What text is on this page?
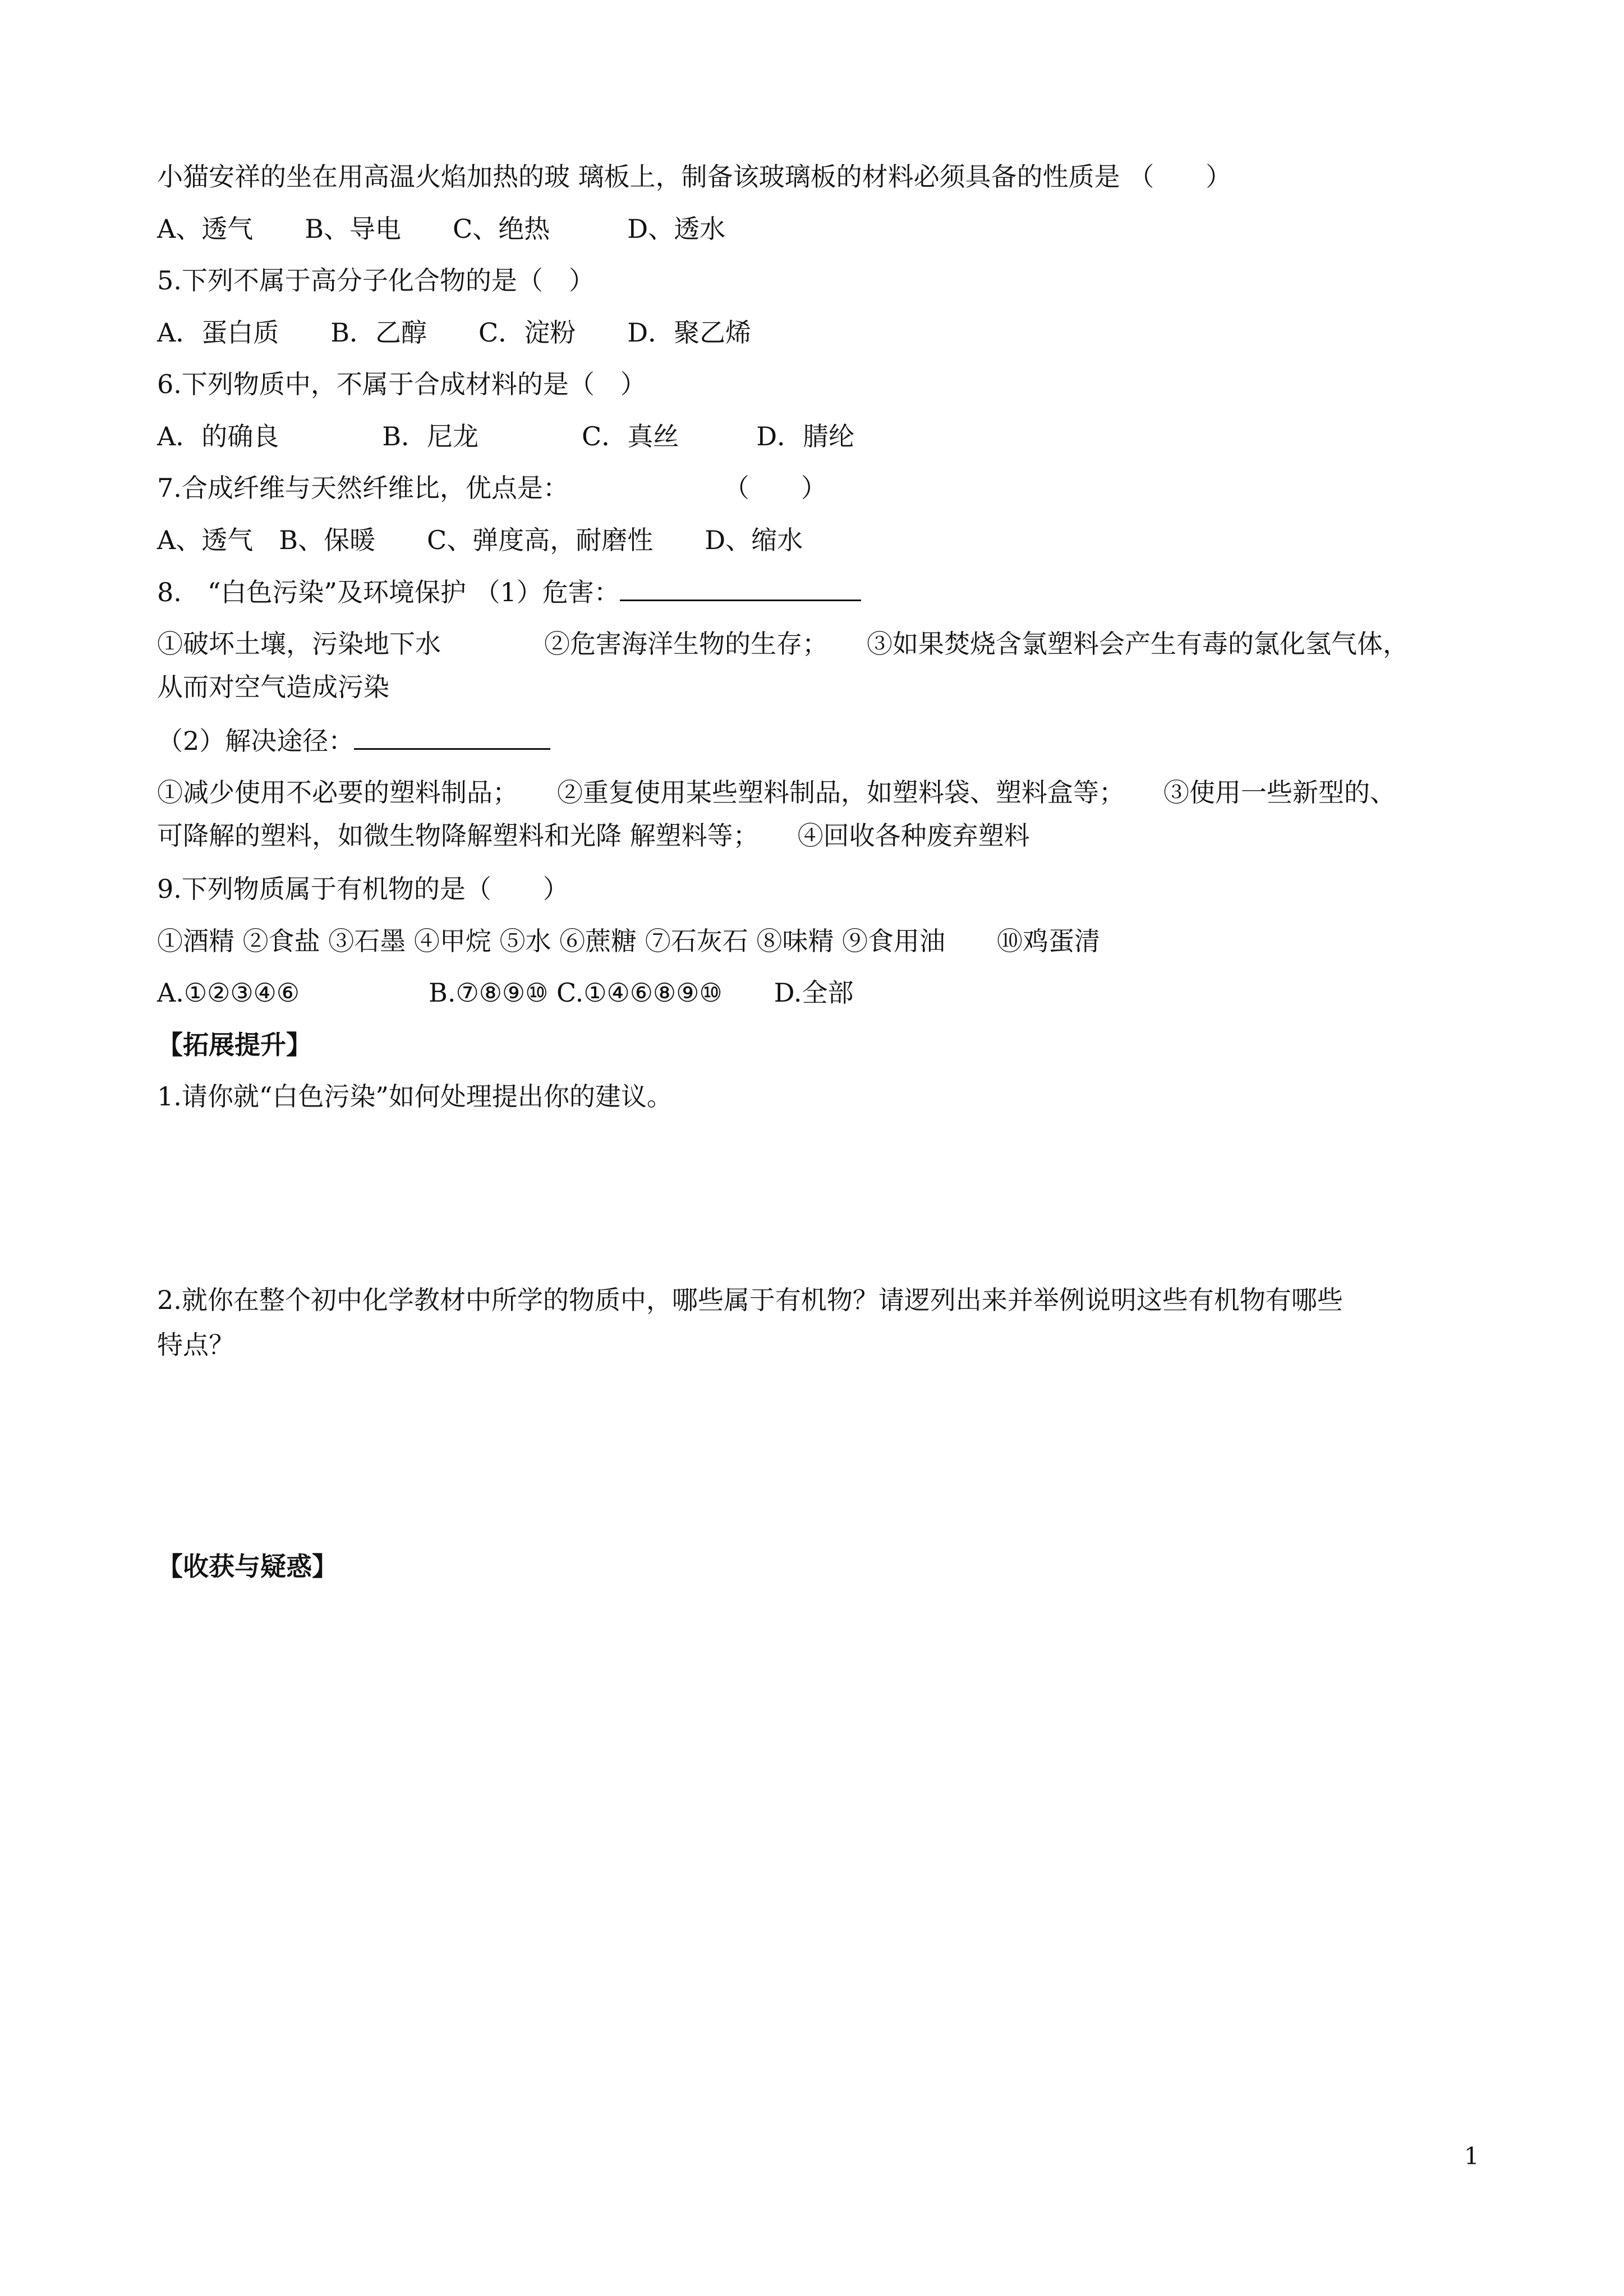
小猫安祥的坐在用高温火焰加热的玻 璃板上，制备该玻璃板的材料必须具备的性质是 （　　）
A、透气　　B、导电　　C、绝热　　　D、透水
5.下列不属于高分子化合物的是（　）
A．蛋白质　　B．乙醇　　C．淀粉　　D．聚乙烯
6.下列物质中，不属于合成材料的是（　）
A．的确良　　　　B．尼龙　　　　C．真丝　　　D．腈纶
7.合成纤维与天然纤维比，优点是：　　　　　　　（　　）
A、透气　B、保暖　　C、弹度高，耐磨性　　D、缩水
8.　“白色污染”及环境保护 （1）危害：
①破坏土壤，污染地下水　　　　②危害海洋生物的生存；　　③如果焚烧含氯塑料会产生有毒的氯化氢气体，
从而对空气造成污染
（2）解决途径：
①减少使用不必要的塑料制品；　　②重复使用某些塑料制品，如塑料袋、塑料盒等；　　③使用一些新型的、
可降解的塑料，如微生物降解塑料和光降 解塑料等；　　④回收各种废弃塑料
9.下列物质属于有机物的是（　　）
①酒精 ②食盐 ③石墨 ④甲烷 ⑤水 ⑥蔗糖 ⑦石灰石 ⑧味精 ⑨食用油　　⑩鸡蛋清
A.①②③④⑥　　　　　B.⑦⑧⑨⑩ C.①④⑥⑧⑨⑩　　D.全部
【拓展提升】
1.请你就“白色污染”如何处理提出你的建议。
2.就你在整个初中化学教材中所学的物质中，哪些属于有机物？请逻列出来并举例说明这些有机物有哪些
特点？
【收获与疑惑】
1
